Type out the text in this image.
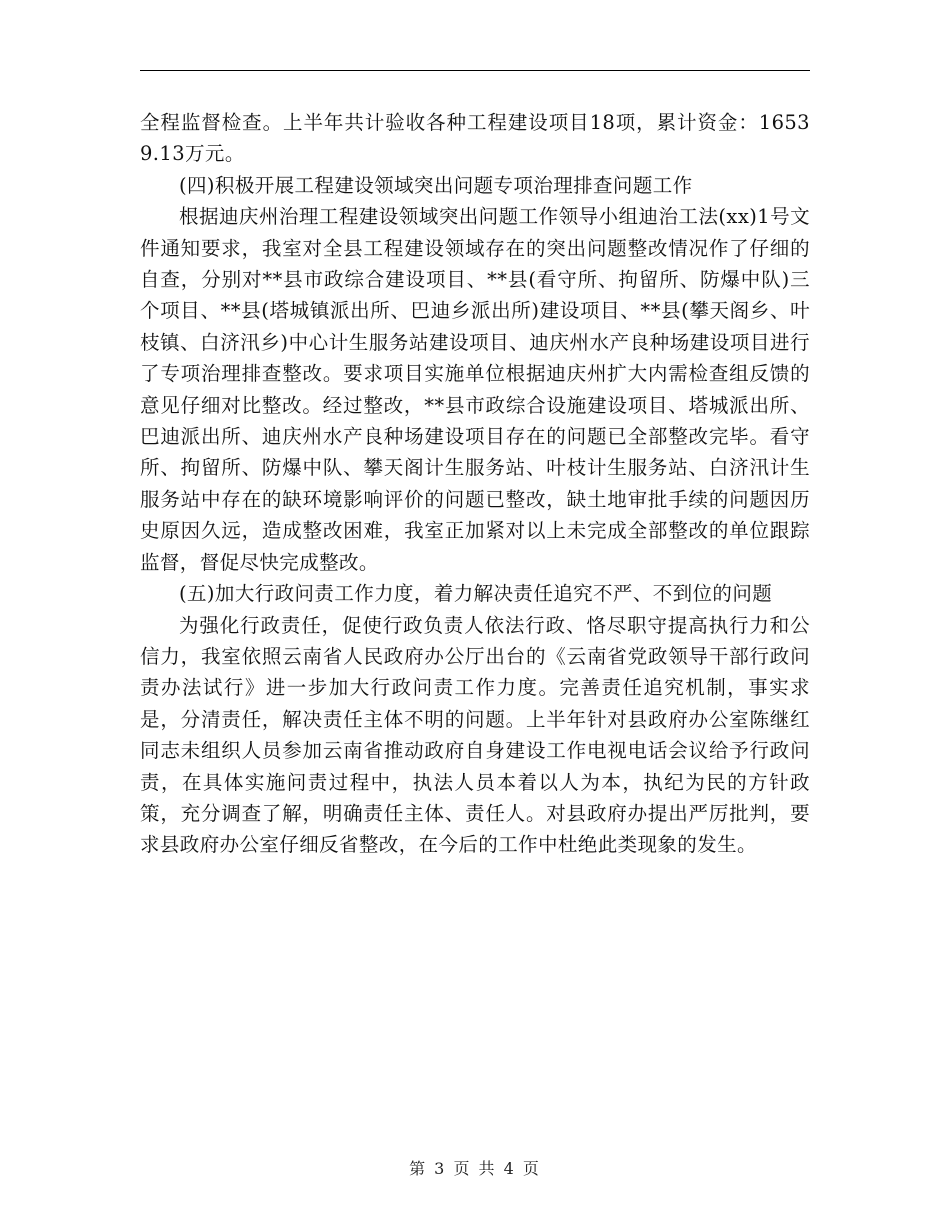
全程监督检查。上半年共计验收各种工程建设项目18项，累计资金：16539.13万元。

(四)积极开展工程建设领域突出问题专项治理排查问题工作

根据迪庆州治理工程建设领域突出问题工作领导小组迪治工法(xx)1号文件通知要求，我室对全县工程建设领域存在的突出问题整改情况作了仔细的自查，分别对**县市政综合建设项目、**县(看守所、拘留所、防爆中队)三个项目、**县(塔城镇派出所、巴迪乡派出所)建设项目、**县(攀天阁乡、叶枝镇、白济汛乡)中心计生服务站建设项目、迪庆州水产良种场建设项目进行了专项治理排查整改。要求项目实施单位根据迪庆州扩大内需检查组反馈的意见仔细对比整改。经过整改，**县市政综合设施建设项目、塔城派出所、巴迪派出所、迪庆州水产良种场建设项目存在的问题已全部整改完毕。看守所、拘留所、防爆中队、攀天阁计生服务站、叶枝计生服务站、白济汛计生服务站中存在的缺环境影响评价的问题已整改，缺土地审批手续的问题因历史原因久远，造成整改困难，我室正加紧对以上未完成全部整改的单位跟踪监督，督促尽快完成整改。

(五)加大行政问责工作力度，着力解决责任追究不严、不到位的问题

为强化行政责任，促使行政负责人依法行政、恪尽职守提高执行力和公信力，我室依照云南省人民政府办公厅出台的《云南省党政领导干部行政问责办法试行》进一步加大行政问责工作力度。完善责任追究机制，事实求是，分清责任，解决责任主体不明的问题。上半年针对县政府办公室陈继红同志未组织人员参加云南省推动政府自身建设工作电视电话会议给予行政问责，在具体实施问责过程中，执法人员本着以人为本，执纪为民的方针政策，充分调查了解，明确责任主体、责任人。对县政府办提出严厉批判，要求县政府办公室仔细反省整改，在今后的工作中杜绝此类现象的发生。

第 3 页 共 4 页
